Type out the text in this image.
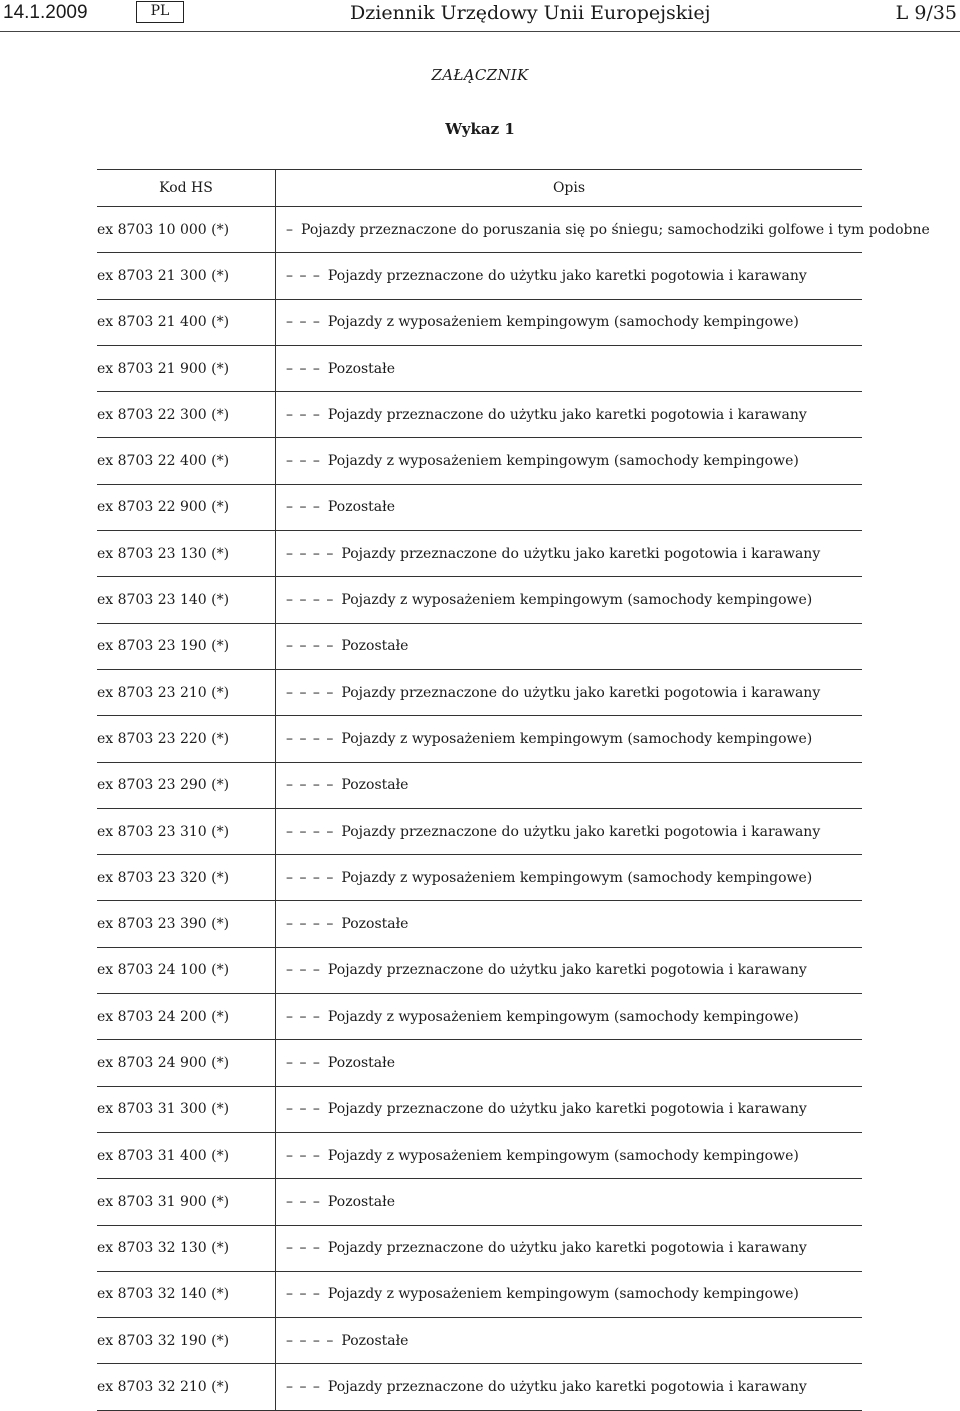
14.1.2009	PL	Dziennik Urzędowy Unii Europejskiej	L 9/35
ZAŁĄCZNIK
Wykaz 1
Kod HS	Opis
ex 8703 10 000 (*)	– Pojazdy przeznaczone do poruszania się po śniegu; samochodziki golfowe i tym podobne
ex 8703 21 300 (*)	– – – Pojazdy przeznaczone do użytku jako karetki pogotowia i karawany
ex 8703 21 400 (*)	– – – Pojazdy z wyposażeniem kempingowym (samochody kempingowe)
ex 8703 21 900 (*)	– – – Pozostałe
ex 8703 22 300 (*)	– – – Pojazdy przeznaczone do użytku jako karetki pogotowia i karawany
ex 8703 22 400 (*)	– – – Pojazdy z wyposażeniem kempingowym (samochody kempingowe)
ex 8703 22 900 (*)	– – – Pozostałe
ex 8703 23 130 (*)	– – – – Pojazdy przeznaczone do użytku jako karetki pogotowia i karawany
ex 8703 23 140 (*)	– – – – Pojazdy z wyposażeniem kempingowym (samochody kempingowe)
ex 8703 23 190 (*)	– – – – Pozostałe
ex 8703 23 210 (*)	– – – – Pojazdy przeznaczone do użytku jako karetki pogotowia i karawany
ex 8703 23 220 (*)	– – – – Pojazdy z wyposażeniem kempingowym (samochody kempingowe)
ex 8703 23 290 (*)	– – – – Pozostałe
ex 8703 23 310 (*)	– – – – Pojazdy przeznaczone do użytku jako karetki pogotowia i karawany
ex 8703 23 320 (*)	– – – – Pojazdy z wyposażeniem kempingowym (samochody kempingowe)
ex 8703 23 390 (*)	– – – – Pozostałe
ex 8703 24 100 (*)	– – – Pojazdy przeznaczone do użytku jako karetki pogotowia i karawany
ex 8703 24 200 (*)	– – – Pojazdy z wyposażeniem kempingowym (samochody kempingowe)
ex 8703 24 900 (*)	– – – Pozostałe
ex 8703 31 300 (*)	– – – Pojazdy przeznaczone do użytku jako karetki pogotowia i karawany
ex 8703 31 400 (*)	– – – Pojazdy z wyposażeniem kempingowym (samochody kempingowe)
ex 8703 31 900 (*)	– – – Pozostałe
ex 8703 32 130 (*)	– – – Pojazdy przeznaczone do użytku jako karetki pogotowia i karawany
ex 8703 32 140 (*)	– – – Pojazdy z wyposażeniem kempingowym (samochody kempingowe)
ex 8703 32 190 (*)	– – – – Pozostałe
ex 8703 32 210 (*)	– – – Pojazdy przeznaczone do użytku jako karetki pogotowia i karawany
